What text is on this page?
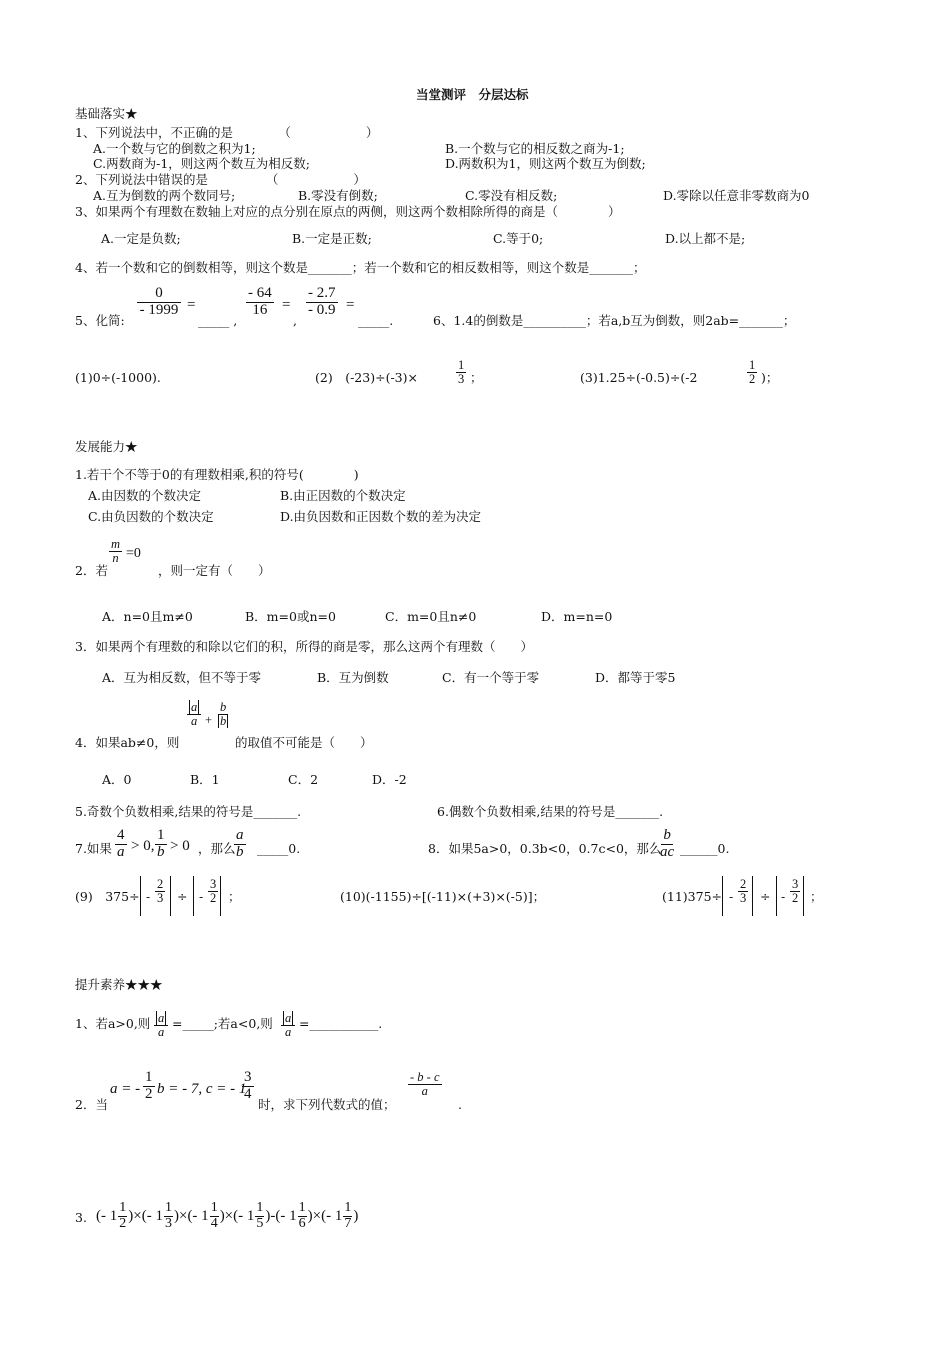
当堂测评　分层达标
基础落实★
1、下列说法中，不正确的是 　　　 （　　　　　　）
A.一个数与它的倒数之积为1;	B.一个数与它的相反数之商为-1;
C.两数商为-1，则这两个数互为相反数;	D.两数积为1，则这两个数互为倒数;
2、下列说法中错误的是 　　　　 （　　　　　　）
A.互为倒数的两个数同号;	B.零没有倒数;	C.零没有相反数;	D.零除以任意非零数商为0
3、如果两个有理数在数轴上对应的点分别在原点的两侧，则这两个数相除所得的商是（　　　　）
A.一定是负数;	B.一定是正数;	C.等于0;	D.以上都不是;
4、若一个数和它的倒数相等，则这个数是_______；若一个数和它的相反数相等，则这个数是_______；
$\frac{0}{- 1999}$ =	$\frac{- 64}{16} = \frac{- 2.7}{- 0.9}$ =
5、化简:	_____ ,	,	_____.	6、1.4的倒数是__________；若a,b互为倒数，则2ab=_______；
(1)0÷(-1000).	(2)　(-23)÷(-3)×	$\frac{1}{3}$ ；	(3)1.25÷(-0.5)÷(-2	$\frac{1}{2}$ )；
发展能力★
1.若干个不等于0的有理数相乘,积的符号(　　　　)
A.由因数的个数决定	B.由正因数的个数决定
C.由负因数的个数决定	D.由负因数和正因数个数的差为决定
$\frac{m}{n} =0$
2．若　　　　，则一定有（　　）
A．n=0且m≠0	B．m=0或n=0	C．m=0且n≠0	D．m=n=0
3．如果两个有理数的和除以它们的积，所得的商是零，那么这两个有理数（　　）
A．互为相反数，但不等于零	B．互为倒数	C．有一个等于零	D．都等于零5
4．如果ab≠0，则
$\frac{a}{a} + \frac{b}{b}$
的取值不可能是（　　）
A．0	B．1	C．2	D．-2
5.奇数个负数相乘,结果的符号是_______.	6.偶数个负数相乘,结果的符号是_______.
7.如果 $\frac{4}{a} > 0$, $\frac{1}{b} > 0$ ，那么
$\frac{a}{b}$ _____0.	8．如果5a>0，0.3b<0，0.7c<0，那么
$\frac{b}{ac}$ ______0.
(9)　$375\div - \frac{2}{3}$ ÷ - $\frac{3}{2}$ ；	(10)(-1155)÷[(-11)×(+3)×(-5)]；	$(11)375\div - \frac{2}{3}$ ÷ - $\frac{3}{2}$ ；
提升素养★★★
1、若a>0,则 $\frac{a}{a}$ =_____;若a<0,则 $\frac{a}{a}$ =___________.
2．当
a = - $\frac{1}{2}$ b = - 7, c = - 1
$\frac{3}{4}$
时，求下列代数式的值；
$\frac{- b - c}{a}$
.
3. (- $1 \frac{1}{2}$ )× (- $1 \frac{1}{3}$ )× (- $1 \frac{1}{4}$ )× (- $1 \frac{1}{5}$ )- (- $1 \frac{1}{6}$ )× (- $1 \frac{1}{7}$ )
